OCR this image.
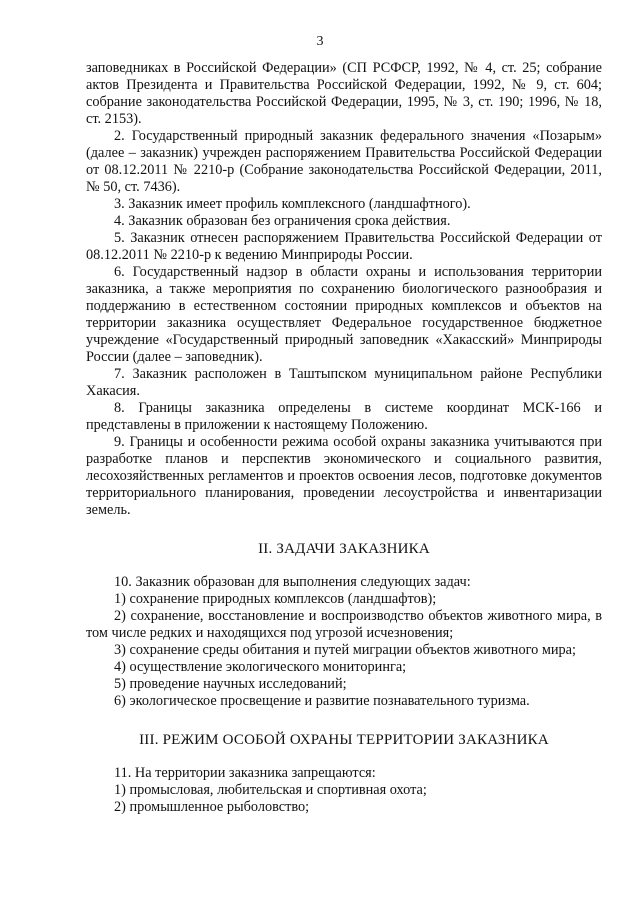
3

заповедниках в Российской Федерации» (СП РСФСР, 1992, № 4, ст. 25; собрание актов Президента и Правительства Российской Федерации, 1992, № 9, ст. 604; собрание законодательства Российской Федерации, 1995, № 3, ст. 190; 1996, № 18, ст. 2153).

2. Государственный природный заказник федерального значения «Позарым» (далее – заказник) учрежден распоряжением Правительства Российской Федерации от 08.12.2011 № 2210-р (Собрание законодательства Российской Федерации, 2011, № 50, ст. 7436).

3. Заказник имеет профиль комплексного (ландшафтного).

4. Заказник образован без ограничения срока действия.

5. Заказник отнесен распоряжением Правительства Российской Федерации от 08.12.2011 № 2210-р к ведению Минприроды России.

6. Государственный надзор в области охраны и использования территории заказника, а также мероприятия по сохранению биологического разнообразия и поддержанию в естественном состоянии природных комплексов и объектов на территории заказника осуществляет Федеральное государственное бюджетное учреждение «Государственный природный заповедник «Хакасский» Минприроды России (далее – заповедник).

7. Заказник расположен в Таштыпском муниципальном районе Республики Хакасия.

8. Границы заказника определены в системе координат МСК-166 и представлены в приложении к настоящему Положению.

9. Границы и особенности режима особой охраны заказника учитываются при разработке планов и перспектив экономического и социального развития, лесохозяйственных регламентов и проектов освоения лесов, подготовке документов территориального планирования, проведении лесоустройства и инвентаризации земель.

II. ЗАДАЧИ ЗАКАЗНИКА

10. Заказник образован для выполнения следующих задач:

1) сохранение природных комплексов (ландшафтов);

2) сохранение, восстановление и воспроизводство объектов животного мира, в том числе редких и находящихся под угрозой исчезновения;

3) сохранение среды обитания и путей миграции объектов животного мира;

4) осуществление экологического мониторинга;

5) проведение научных исследований;

6) экологическое просвещение и развитие познавательного туризма.

III. РЕЖИМ ОСОБОЙ ОХРАНЫ ТЕРРИТОРИИ ЗАКАЗНИКА

11. На территории заказника запрещаются:

1) промысловая, любительская и спортивная охота;

2) промышленное рыболовство;
